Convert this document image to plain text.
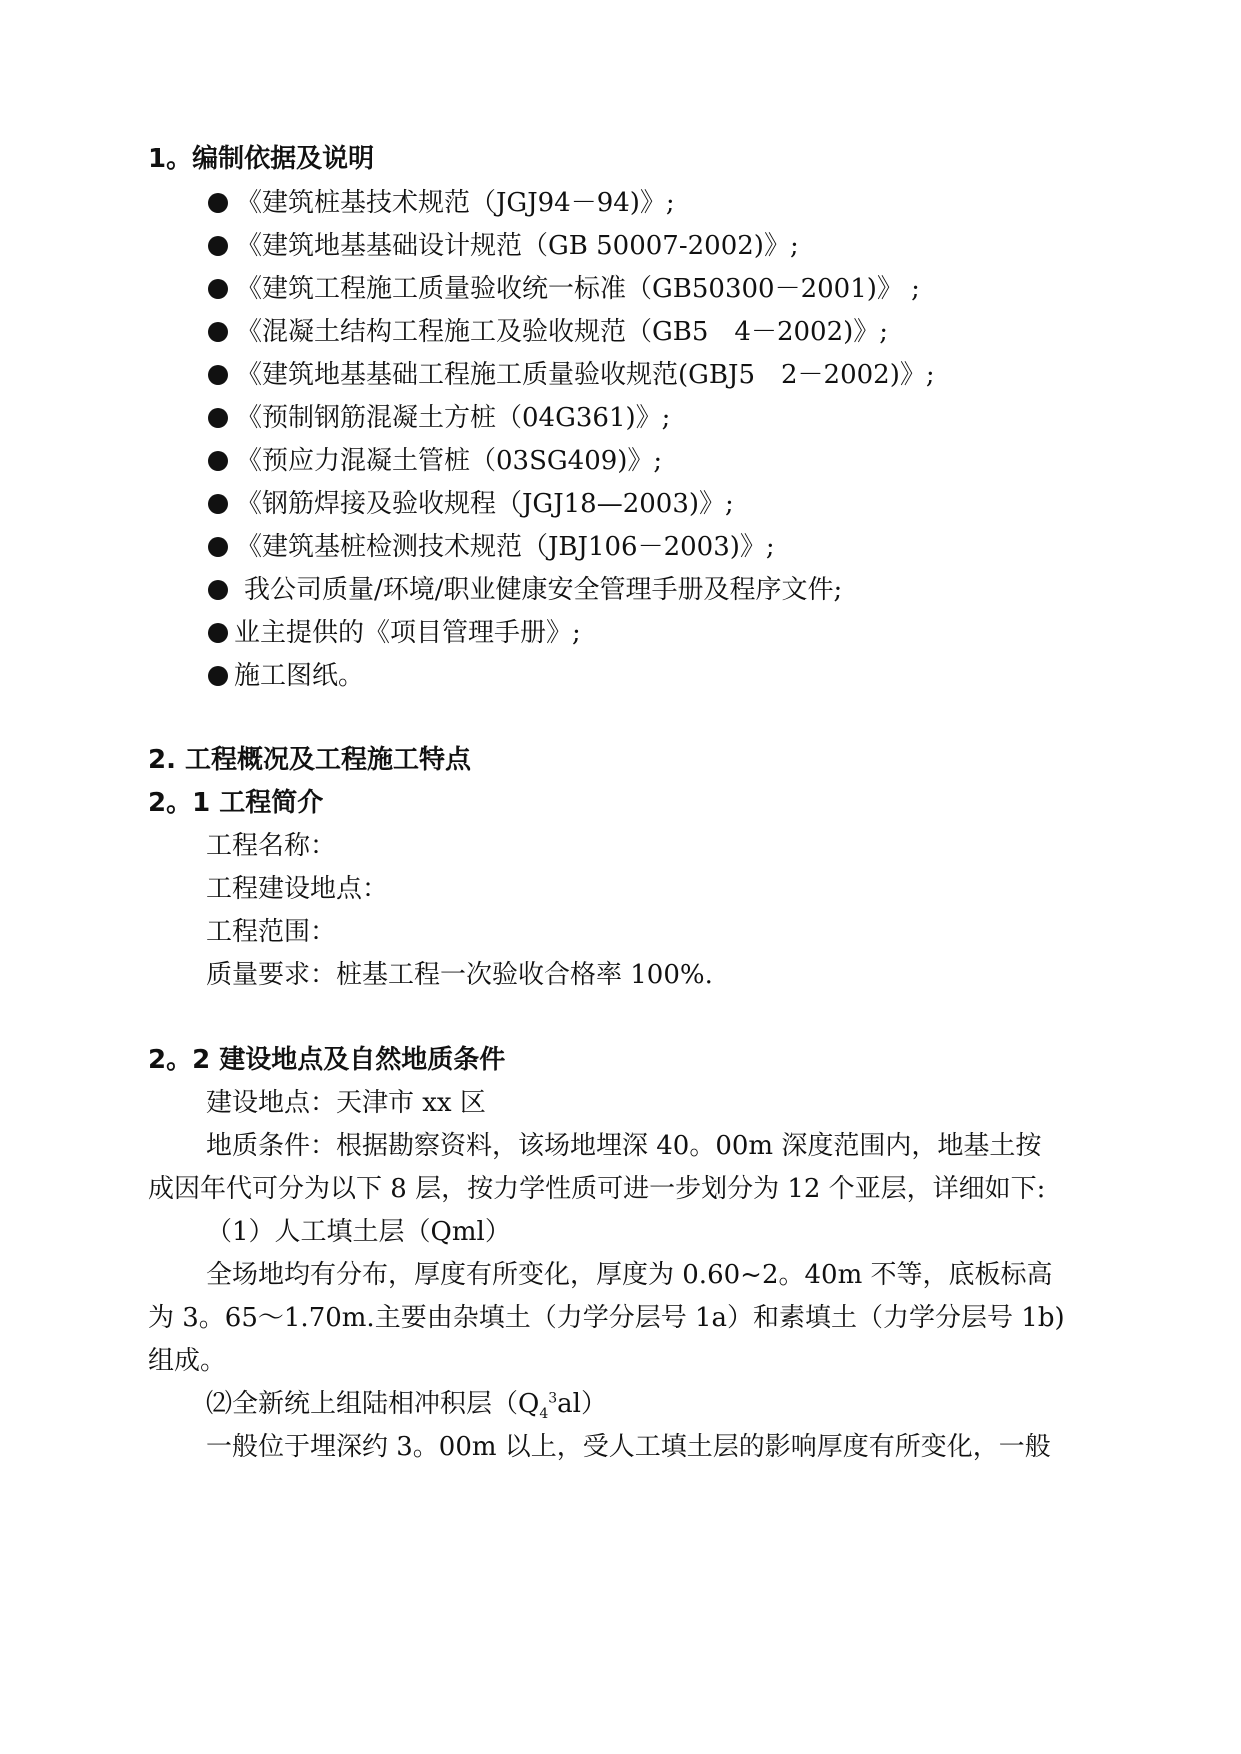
1。编制依据及说明
《建筑桩基技术规范（JGJ94－94)》;
《建筑地基基础设计规范（GB 50007-2002)》;
《建筑工程施工质量验收统一标准（GB50300－2001)》 ;
《混凝土结构工程施工及验收规范（GB5　4－2002)》;
《建筑地基基础工程施工质量验收规范(GBJ5　2－2002)》;
《预制钢筋混凝土方桩（04G361)》;
《预应力混凝土管桩（03SG409)》;
《钢筋焊接及验收规程（JGJ18—2003)》;
《建筑基桩检测技术规范（JBJ106－2003)》;
我公司质量/环境/职业健康安全管理手册及程序文件;
业主提供的《项目管理手册》;
施工图纸。
2. 工程概况及工程施工特点
2。1 工程简介
工程名称：
工程建设地点：
工程范围：
质量要求：桩基工程一次验收合格率 100%.
2。2 建设地点及自然地质条件
建设地点：天津市 xx 区
地质条件：根据勘察资料，该场地埋深 40。00m 深度范围内，地基土按
成因年代可分为以下 8 层，按力学性质可进一步划分为 12 个亚层，详细如下:
（1）人工填土层（Qml）
全场地均有分布，厚度有所变化，厚度为 0.60~2。40m 不等，底板标高
为 3。65～1.70m.主要由杂填土（力学分层号 1a）和素填土（力学分层号 1b)
组成。
⑵全新统上组陆相冲积层$(Q_4^3al)$
一般位于埋深约 3。00m 以上，受人工填土层的影响厚度有所变化，一般
